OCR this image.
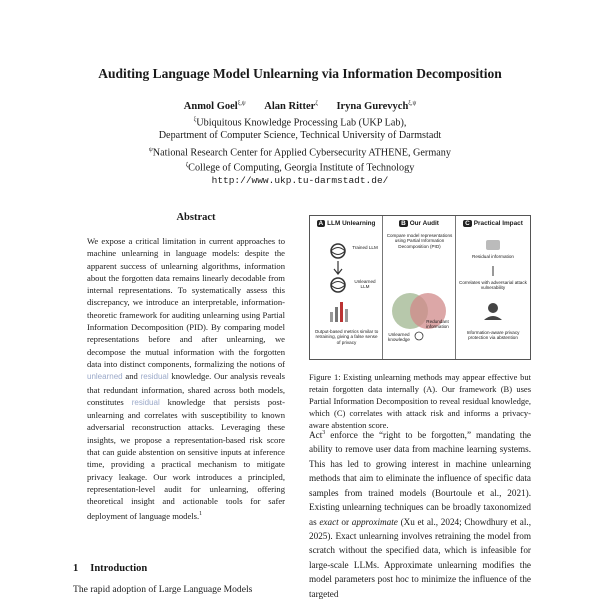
Auditing Language Model Unlearning via Information Decomposition
Anmol Goel$^{\xi,\psi}$ Alan Ritter$^\zeta$ Iryna Gurevych$^{\xi,\psi}$
$^\xi$Ubiquitous Knowledge Processing Lab (UKP Lab),
Department of Computer Science, Technical University of Darmstadt
$^\psi$National Research Center for Applied Cybersecurity ATHENE, Germany
$^\zeta$College of Computing, Georgia Institute of Technology
http://www.ukp.tu-darmstadt.de/
Abstract
We expose a critical limitation in current approaches to machine unlearning in language models: despite the apparent success of unlearning algorithms, information about the forgotten data remains linearly decodable from internal representations. To systematically assess this discrepancy, we introduce an interpretable, information-theoretic framework for auditing unlearning using Partial Information Decomposition (PID). By comparing model representations before and after unlearning, we decompose the mutual information with the forgotten data into distinct components, formalizing the notions of unlearned and residual knowledge. Our analysis reveals that redundant information, shared across both models, constitutes residual knowledge that persists post-unlearning and correlates with susceptibility to known adversarial reconstruction attacks. Leveraging these insights, we propose a representation-based risk score that can guide abstention on sensitive inputs at inference time, providing a practical mechanism to mitigate privacy leakage. Our work introduces a principled, representation-level audit for unlearning, offering theoretical insight and actionable tools for safer deployment of language models.$^1$
1 Introduction
The rapid adoption of Large Language Models
A LLM Unlearning
Trained LLM
Unlearned LLM
Output-based metrics similar to retraining, giving a false sense of privacy
B Our Audit
Compare model representations using Partial Information Decomposition (PID)
Redundant information
Unlearned knowledge
C Practical Impact
Residual information
Correlates with adversarial attack vulnerability
Information-aware privacy protection via abstention
Figure 1: Existing unlearning methods may appear effective but retain forgotten data internally (A). Our framework (B) uses Partial Information Decomposition to reveal residual knowledge, which (C) correlates with attack risk and informs a privacy-aware abstention score.
Act$^3$ enforce the “right to be forgotten,” mandating the ability to remove user data from machine learning systems. This has led to growing interest in machine unlearning methods that aim to eliminate the influence of specific data samples from trained models (Bourtoule et al., 2021). Existing unlearning techniques can be broadly taxonomized as exact or approximate (Xu et al., 2024; Chowdhury et al., 2025). Exact unlearning involves retraining the model from scratch without the specified data, which is infeasible for large-scale LLMs. Approximate unlearning modifies the model parameters post hoc to minimize the influence of the targeted
